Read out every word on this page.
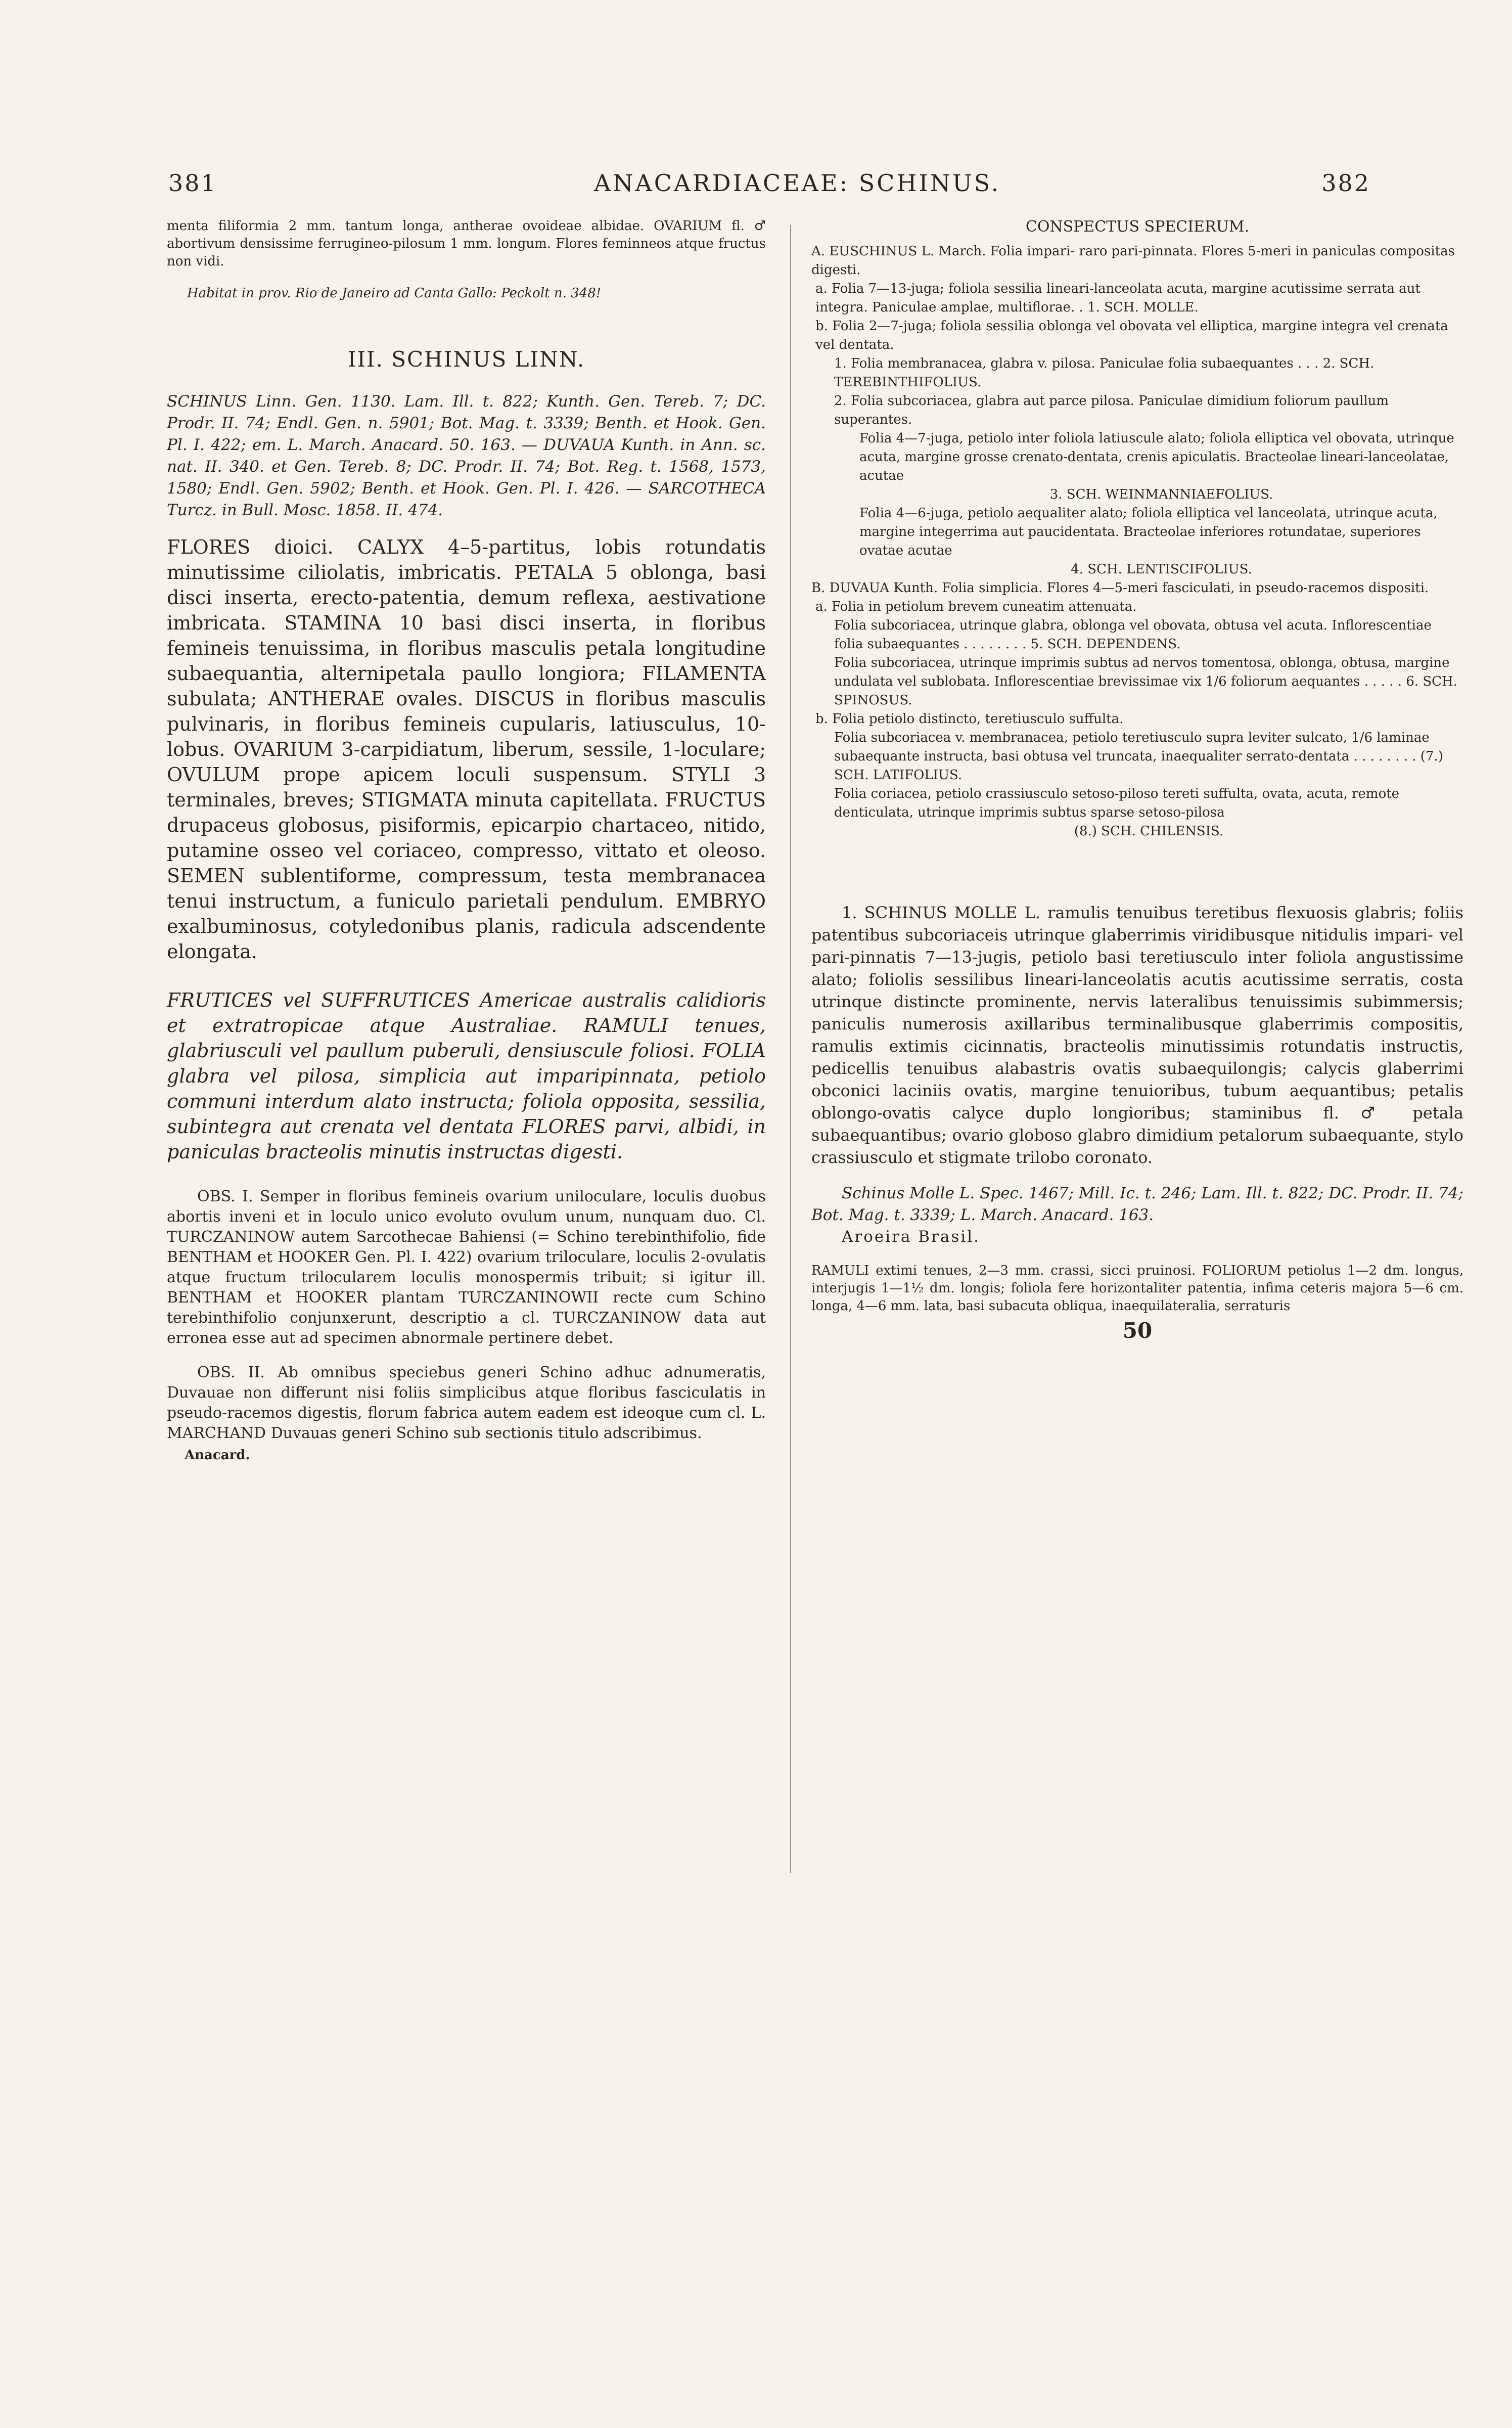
381	ANACARDIACEAE: SCHINUS.	382

menta filiformia 2 mm. tantum longa, antherae ovoideae albidae. OVARIUM fl. ♂ abortivum densissime ferrugineo-pilosum 1 mm. longum. Flores feminneos atque fructus non vidi.

Habitat in prov. Rio de Janeiro ad Canta Gallo: Peckolt n. 348!

III. SCHINUS LINN.

SCHINUS Linn. Gen. 1130. Lam. Ill. t. 822; Kunth. Gen. Tereb. 7; DC. Prodr. II. 74; Endl. Gen. n. 5901; Bot. Mag. t. 3339; Benth. et Hook. Gen. Pl. I. 422; em. L. March. Anacard. 50. 163. — DUVAUA Kunth. in Ann. sc. nat. II. 340. et Gen. Tereb. 8; DC. Prodr. II. 74; Bot. Reg. t. 1568, 1573, 1580; Endl. Gen. 5902; Benth. et Hook. Gen. Pl. I. 426. — SARCOTHECA Turcz. in Bull. Mosc. 1858. II. 474.

FLORES dioici. CALYX 4–5-partitus, lobis rotundatis minutissime ciliolatis, imbricatis. PETALA 5 oblonga, basi disci inserta, erecto-patentia, demum reflexa, aestivatione imbricata. STAMINA 10 basi disci inserta, in floribus femineis tenuissima, in floribus masculis petala longitudine subaequantia, alternipetala paullo longiora; FILAMENTA subulata; ANTHERAE ovales. DISCUS in floribus masculis pulvinaris, in floribus femineis cupularis, latiusculus, 10-lobus. OVARIUM 3-carpidiatum, liberum, sessile, 1-loculare; OVULUM prope apicem loculi suspensum. STYLI 3 terminales, breves; STIGMATA minuta capitellata. FRUCTUS drupaceus globosus, pisiformis, epicarpio chartaceo, nitido, putamine osseo vel coriaceo, compresso, vittato et oleoso. SEMEN sublentiforme, compressum, testa membranacea tenui instructum, a funiculo parietali pendulum. EMBRYO exalbuminosus, cotyledonibus planis, radicula adscendente elongata.

FRUTICES vel SUFFRUTICES Americae australis calidioris et extratropicae atque Australiae. RAMULI tenues, glabriusculi vel paullum puberuli, densiuscule foliosi. FOLIA glabra vel pilosa, simplicia aut imparipinnata, petiolo communi interdum alato instructa; foliola opposita, sessilia, subintegra aut crenata vel dentata FLORES parvi, albidi, in paniculas bracteolis minutis instructas digesti.

OBS. I. Semper in floribus femineis ovarium uniloculare, loculis duobus abortis inveni et in loculo unico evoluto ovulum unum, nunquam duo. Cl. TURCZANINOW autem Sarcothecae Bahiensi (= Schino terebinthifolio, fide BENTHAM et HOOKER Gen. Pl. I. 422) ovarium triloculare, loculis 2-ovulatis atque fructum trilocularem loculis monospermis tribuit; si igitur ill. BENTHAM et HOOKER plantam TURCZANINOWII recte cum Schino terebinthifolio conjunxerunt, descriptio a cl. TURCZANINOW data aut erronea esse aut ad specimen abnormale pertinere debet.

OBS. II. Ab omnibus speciebus generi Schino adhuc adnumeratis, Duvauae non differunt nisi foliis simplicibus atque floribus fasciculatis in pseudo-racemos digestis, florum fabrica autem eadem est ideoque cum cl. L. MARCHAND Duvauas generi Schino sub sectionis titulo adscribimus.

Anacard.

CONSPECTUS SPECIERUM.

A. EUSCHINUS L. March. Folia impari- raro pari-pinnata. Flores 5-meri in paniculas compositas digesti.

a. Folia 7—13-juga; foliola sessilia lineari-lanceolata acuta, margine acutissime serrata aut integra. Paniculae amplae, multiflorae. . 1. SCH. MOLLE.

b. Folia 2—7-juga; foliola sessilia oblonga vel obovata vel elliptica, margine integra vel crenata vel dentata.

1. Folia membranacea, glabra v. pilosa. Paniculae folia subaequantes . . . 2. SCH. TEREBINTHIFOLIUS.

2. Folia subcoriacea, glabra aut parce pilosa. Paniculae dimidium foliorum paullum superantes.

Folia 4—7-juga, petiolo inter foliola latiuscule alato; foliola elliptica vel obovata, utrinque acuta, margine grosse crenato-dentata, crenis apiculatis. Bracteolae lineari-lanceolatae, acutae

3. SCH. WEINMANNIAEFOLIUS.

Folia 4—6-juga, petiolo aequaliter alato; foliola elliptica vel lanceolata, utrinque acuta, margine integerrima aut paucidentata. Bracteolae inferiores rotundatae, superiores ovatae acutae

4. SCH. LENTISCIFOLIUS.

B. DUVAUA Kunth. Folia simplicia. Flores 4—5-meri fasciculati, in pseudo-racemos dispositi.

a. Folia in petiolum brevem cuneatim attenuata.

Folia subcoriacea, utrinque glabra, oblonga vel obovata, obtusa vel acuta. Inflorescentiae folia subaequantes . . . . . . . . 5. SCH. DEPENDENS.

Folia subcoriacea, utrinque imprimis subtus ad nervos tomentosa, oblonga, obtusa, margine undulata vel sublobata. Inflorescentiae brevissimae vix 1/6 foliorum aequantes . . . . . 6. SCH. SPINOSUS.

b. Folia petiolo distincto, teretiusculo suffulta.

Folia subcoriacea v. membranacea, petiolo teretiusculo supra leviter sulcato, 1/6 laminae subaequante instructa, basi obtusa vel truncata, inaequaliter serrato-dentata . . . . . . . . (7.) SCH. LATIFOLIUS.

Folia coriacea, petiolo crassiusculo setoso-piloso tereti suffulta, ovata, acuta, remote denticulata, utrinque imprimis subtus sparse setoso-pilosa

(8.) SCH. CHILENSIS.

1. SCHINUS MOLLE L. ramulis tenuibus teretibus flexuosis glabris; foliis patentibus subcoriaceis utrinque glaberrimis viridibusque nitidulis impari- vel pari-pinnatis 7—13-jugis, petiolo basi teretiusculo inter foliola angustissime alato; foliolis sessilibus lineari-lanceolatis acutis acutissime serratis, costa utrinque distincte prominente, nervis lateralibus tenuissimis subimmersis; paniculis numerosis axillaribus terminalibusque glaberrimis compositis, ramulis extimis cicinnatis, bracteolis minutissimis rotundatis instructis, pedicellis tenuibus alabastris ovatis subaequilongis; calycis glaberrimi obconici laciniis ovatis, margine tenuioribus, tubum aequantibus; petalis oblongo-ovatis calyce duplo longioribus; staminibus fl. ♂ petala subaequantibus; ovario globoso glabro dimidium petalorum subaequante, stylo crassiusculo et stigmate trilobo coronato.

Schinus Molle L. Spec. 1467; Mill. Ic. t. 246; Lam. Ill. t. 822; DC. Prodr. II. 74; Bot. Mag. t. 3339; L. March. Anacard. 163.

Aroeira Brasil.

RAMULI extimi tenues, 2—3 mm. crassi, sicci pruinosi. FOLIORUM petiolus 1—2 dm. longus, interjugis 1—1½ dm. longis; foliola fere horizontaliter patentia, infima ceteris majora 5—6 cm. longa, 4—6 mm. lata, basi subacuta obliqua, inaequilateralia, serraturis

50
